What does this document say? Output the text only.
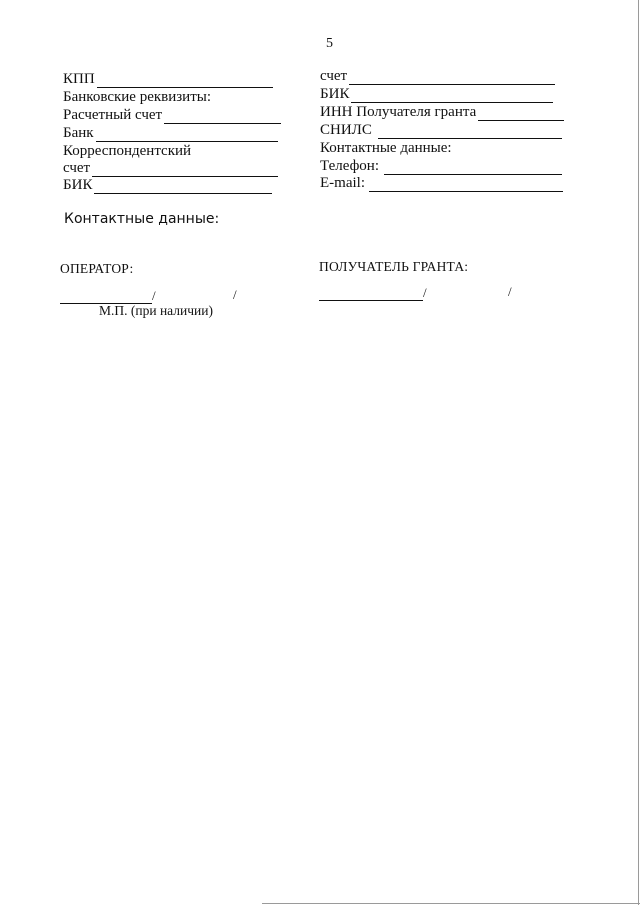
5
КПП
Банковские реквизиты:
Расчетный счет
Банк
Корреспондентский
счет
БИК
счет
БИК
ИНН Получателя гранта
СНИЛС
Контактные данные:
Телефон:
E-mail:
Контактные данные:
ОПЕРАТОР:	ПОЛУЧАТЕЛЬ ГРАНТА:
/	/	/	/
М.П. (при наличии)
